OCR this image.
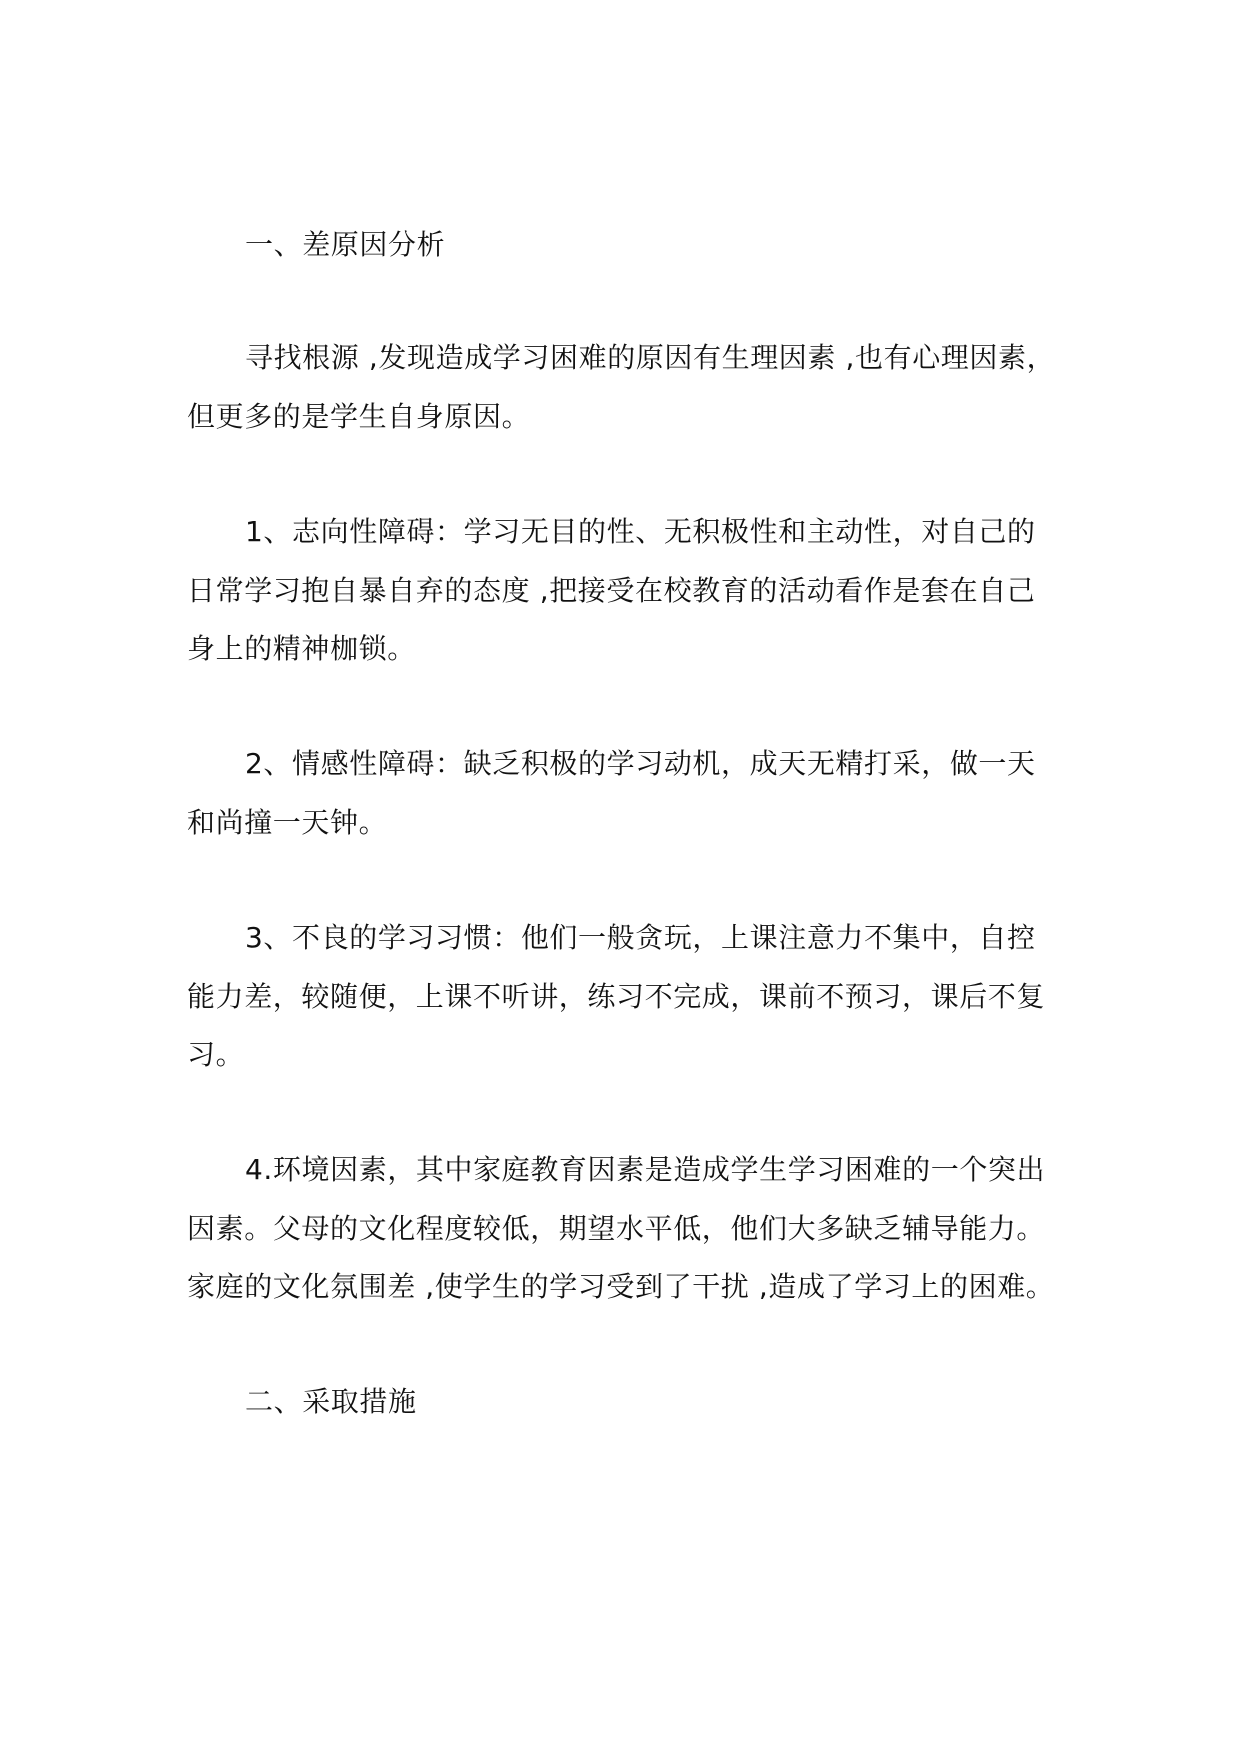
一、差原因分析
寻找根源 ,发现造成学习困难的原因有生理因素 ,也有心理因素，
但更多的是学生自身原因。
1、志向性障碍：学习无目的性、无积极性和主动性，对自己的
日常学习抱自暴自弃的态度 ,把接受在校教育的活动看作是套在自己
身上的精神枷锁。
2、情感性障碍：缺乏积极的学习动机，成天无精打采，做一天
和尚撞一天钟。
3、不良的学习习惯：他们一般贪玩，上课注意力不集中，自控
能力差，较随便，上课不听讲，练习不完成，课前不预习，课后不复
习。
4.环境因素，其中家庭教育因素是造成学生学习困难的一个突出
因素。父母的文化程度较低，期望水平低，他们大多缺乏辅导能力。
家庭的文化氛围差 ,使学生的学习受到了干扰 ,造成了学习上的困难。
二、采取措施
